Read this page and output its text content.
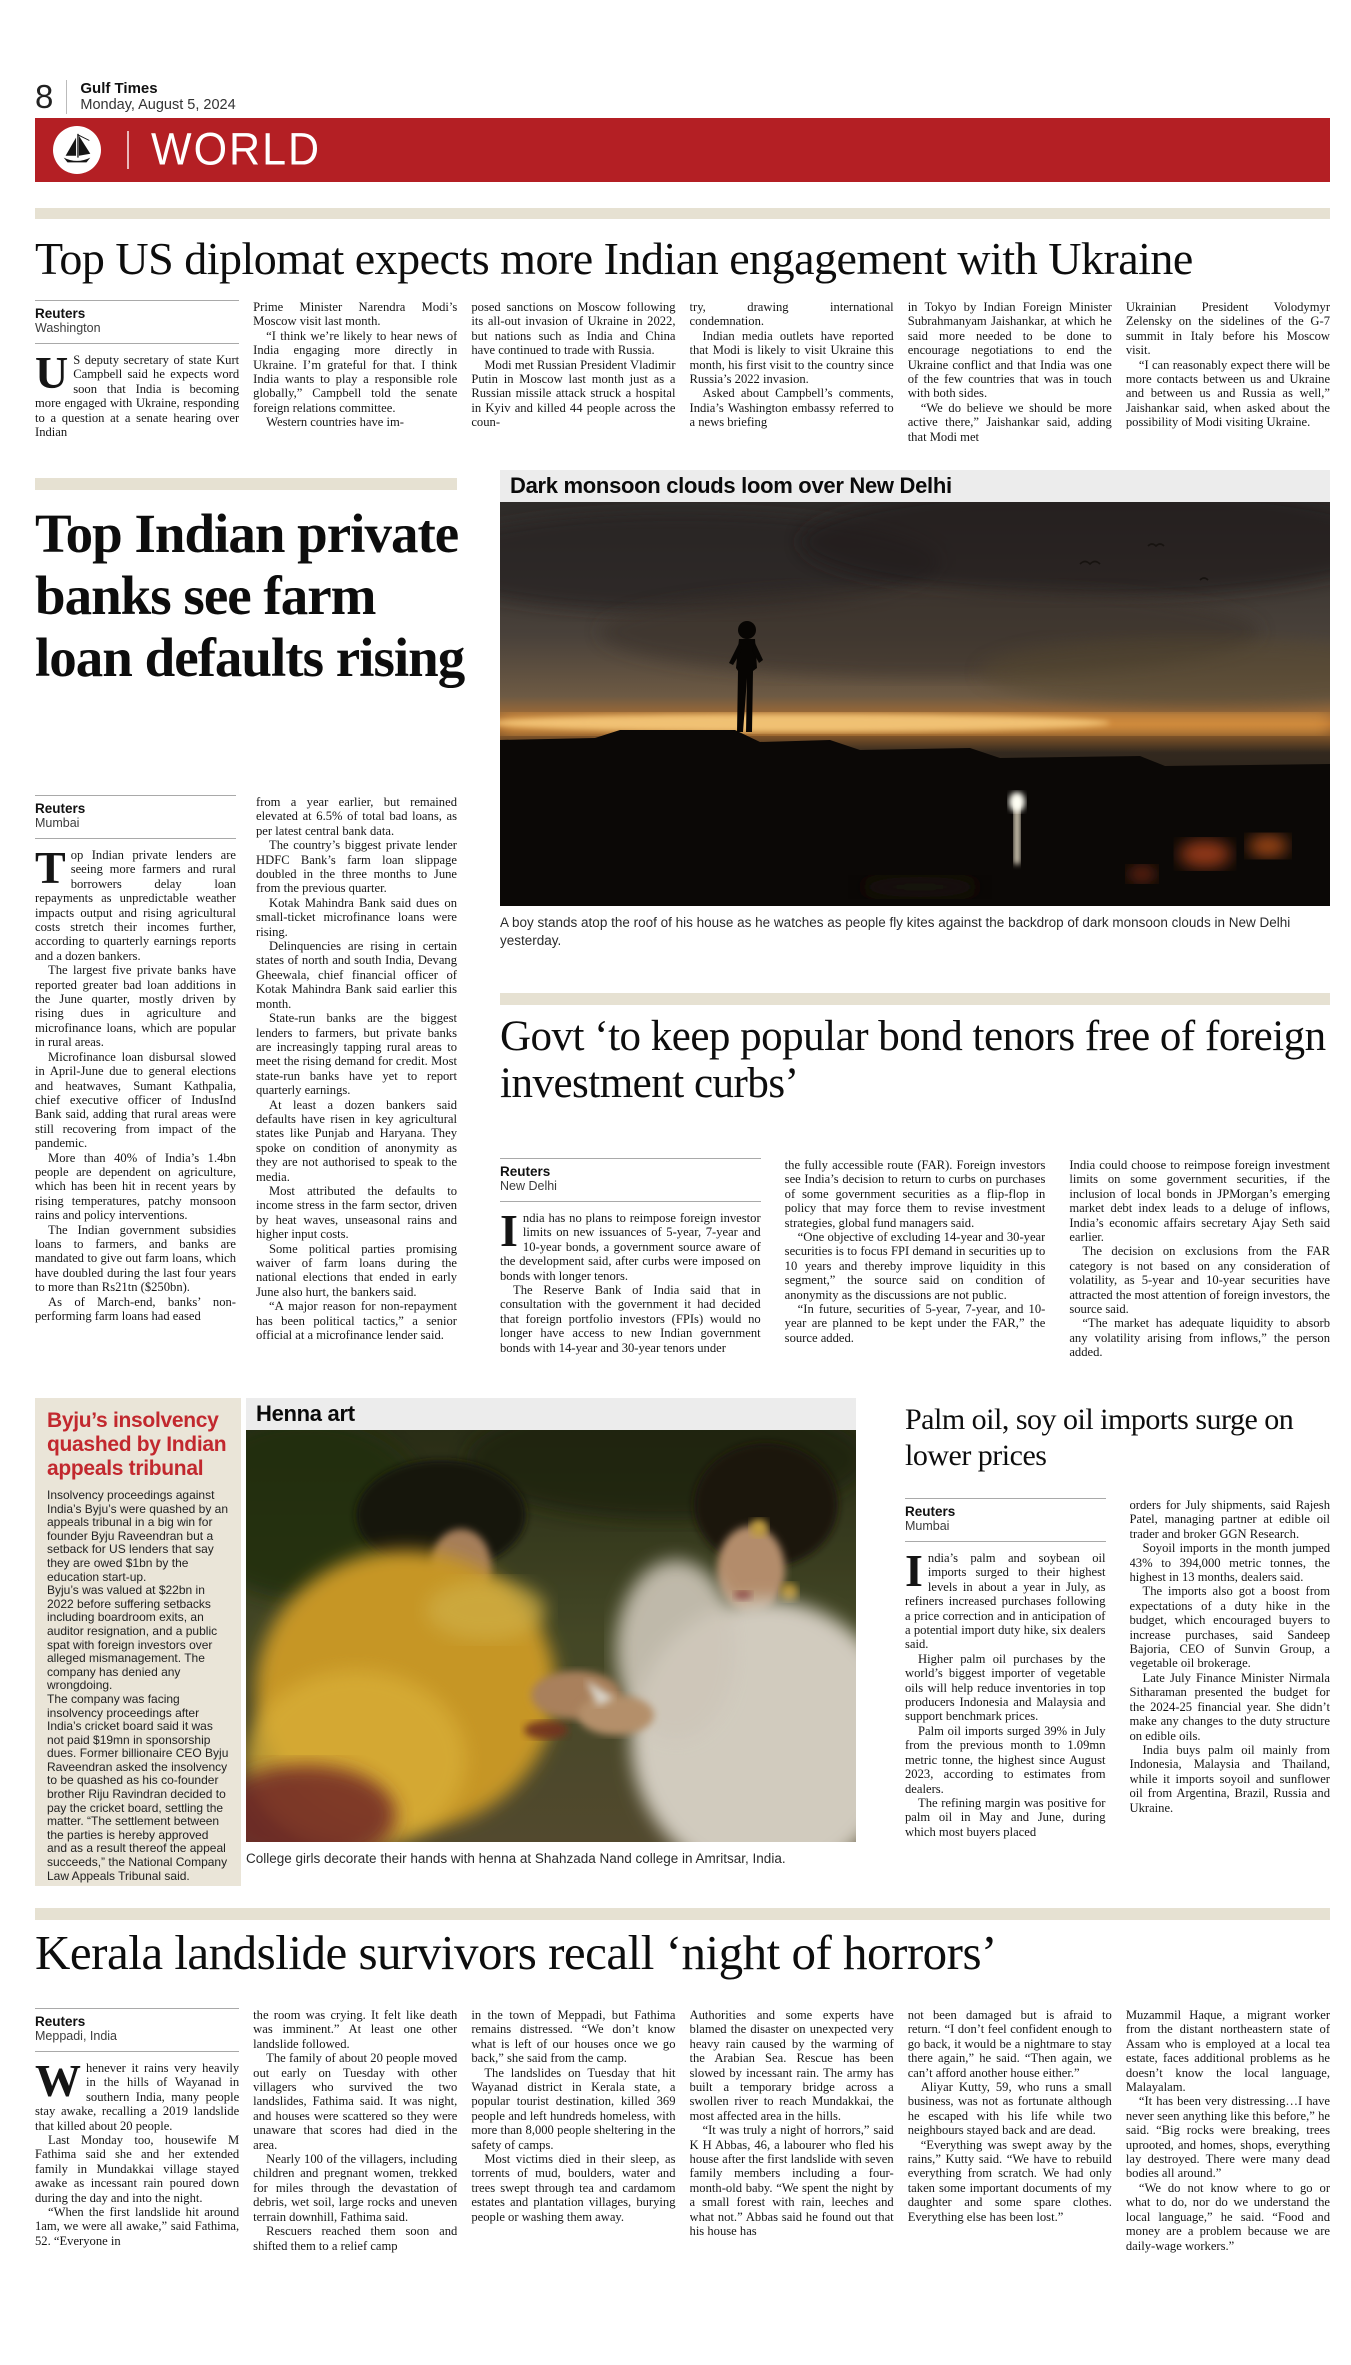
8 Gulf Times
Monday, August 5, 2024
WORLD
Top US diplomat expects more Indian engagement with Ukraine
Reuters
Washington

U S deputy secretary of state Kurt Campbell said he expects word soon that India is becoming more engaged with Ukraine, responding to a question at a senate hearing over Indian

Prime Minister Narendra Modi’s Moscow visit last month.

“I think we’re likely to hear news of India engaging more directly in Ukraine. I’m grateful for that. I think India wants to play a responsible role globally,” Campbell told the senate foreign relations committee.

Western countries have im-

posed sanctions on Moscow following its all-out invasion of Ukraine in 2022, but nations such as India and China have continued to trade with Russia.

Modi met Russian President Vladimir Putin in Moscow last month just as a Russian missile attack struck a hospital in Kyiv and killed 44 people across the coun-

try, drawing international condemnation.

Indian media outlets have reported that Modi is likely to visit Ukraine this month, his first visit to the country since Russia’s 2022 invasion.

Asked about Campbell’s comments, India’s Washington embassy referred to a news briefing

in Tokyo by Indian Foreign Minister Subrahmanyam Jaishankar, at which he said more needed to be done to encourage negotiations to end the Ukraine conflict and that India was one of the few countries that was in touch with both sides.

“We do believe we should be more active there,” Jaishankar said, adding that Modi met

Ukrainian President Volodymyr Zelensky on the sidelines of the G-7 summit in Italy before his Moscow visit.

“I can reasonably expect there will be more contacts between us and Ukraine and between us and Russia as well,” Jaishankar said, when asked about the possibility of Modi visiting Ukraine.

Top Indian private banks see farm loan defaults rising
Reuters
Mumbai

Top Indian private lenders are seeing more farmers and rural borrowers delay loan repayments as unpredictable weather impacts output and rising agricultural costs stretch their incomes further, according to quarterly earnings reports and a dozen bankers.

The largest five private banks have reported greater bad loan additions in the June quarter, mostly driven by rising dues in agriculture and microfinance loans, which are popular in rural areas.

Microfinance loan disbursal slowed in April-June due to general elections and heatwaves, Sumant Kathpalia, chief executive officer of IndusInd Bank said, adding that rural areas were still recovering from impact of the pandemic.

More than 40% of India’s 1.4bn people are dependent on agriculture, which has been hit in recent years by rising temperatures, patchy monsoon rains and policy interventions.

The Indian government subsidies loans to farmers, and banks are mandated to give out farm loans, which have doubled during the last four years to more than Rs21tn ($250bn).

As of March-end, banks’ non-performing farm loans had eased

from a year earlier, but remained elevated at 6.5% of total bad loans, as per latest central bank data.

The country’s biggest private lender HDFC Bank’s farm loan slippage doubled in the three months to June from the previous quarter.

Kotak Mahindra Bank said dues on small-ticket microfinance loans were rising.

Delinquencies are rising in certain states of north and south India, Devang Gheewala, chief financial officer of Kotak Mahindra Bank said earlier this month.

State-run banks are the biggest lenders to farmers, but private banks are increasingly tapping rural areas to meet the rising demand for credit. Most state-run banks have yet to report quarterly earnings.

At least a dozen bankers said defaults have risen in key agricultural states like Punjab and Haryana. They spoke on condition of anonymity as they are not authorised to speak to the media.

Most attributed the defaults to income stress in the farm sector, driven by heat waves, unseasonal rains and higher input costs.

Some political parties promising waiver of farm loans during the national elections that ended in early June also hurt, the bankers said.

“A major reason for non-repayment has been political tactics,” a senior official at a microfinance lender said.

Dark monsoon clouds loom over New Delhi
A boy stands atop the roof of his house as he watches as people fly kites against the backdrop of dark monsoon clouds in New Delhi yesterday.
Govt ‘to keep popular bond tenors free of foreign investment curbs’
Reuters
New Delhi

India has no plans to reimpose foreign investor limits on new issuances of 5-year, 7-year and 10-year bonds, a government source aware of the development said, after curbs were imposed on bonds with longer tenors.

The Reserve Bank of India said that in consultation with the government it had decided that foreign portfolio investors (FPIs) would no longer have access to new Indian government bonds with 14-year and 30-year tenors under

the fully accessible route (FAR). Foreign investors see India’s decision to return to curbs on purchases of some government securities as a flip-flop in policy that may force them to revise investment strategies, global fund managers said.

“One objective of excluding 14-year and 30-year securities is to focus FPI demand in securities up to 10 years and thereby improve liquidity in this segment,” the source said on condition of anonymity as the discussions are not public.

“In future, securities of 5-year, 7-year, and 10-year are planned to be kept under the FAR,” the source added.

India could choose to reimpose foreign investment limits on some government securities, if the inclusion of local bonds in JPMorgan’s emerging market debt index leads to a deluge of inflows, India’s economic affairs secretary Ajay Seth said earlier.

The decision on exclusions from the FAR category is not based on any consideration of volatility, as 5-year and 10-year securities have attracted the most attention of foreign investors, the source said.

“The market has adequate liquidity to absorb any volatility arising from inflows,” the person added.

Byju’s insolvency quashed by Indian appeals tribunal

Insolvency proceedings against India’s Byju’s were quashed by an appeals tribunal in a big win for founder Byju Raveendran but a setback for US lenders that say they are owed $1bn by the education start-up.

Byju’s was valued at $22bn in 2022 before suffering setbacks including boardroom exits, an auditor resignation, and a public spat with foreign investors over alleged mismanagement. The company has denied any wrongdoing.

The company was facing insolvency proceedings after India’s cricket board said it was not paid $19mn in sponsorship dues. Former billionaire CEO Byju Raveendran asked the insolvency to be quashed as his co-founder brother Riju Ravindran decided to pay the cricket board, settling the matter. “The settlement between the parties is hereby approved and as a result thereof the appeal succeeds,” the National Company Law Appeals Tribunal said.

Henna art
College girls decorate their hands with henna at Shahzada Nand college in Amritsar, India.
Palm oil, soy oil imports surge on lower prices
Reuters
Mumbai

India’s palm and soybean oil imports surged to their highest levels in about a year in July, as refiners increased purchases following a price correction and in anticipation of a potential import duty hike, six dealers said.

Higher palm oil purchases by the world’s biggest importer of vegetable oils will help reduce inventories in top producers Indonesia and Malaysia and support benchmark prices.

Palm oil imports surged 39% in July from the previous month to 1.09mn metric tonne, the highest since August 2023, according to estimates from dealers.

The refining margin was positive for palm oil in May and June, during which most buyers placed

orders for July shipments, said Rajesh Patel, managing partner at edible oil trader and broker GGN Research.

Soyoil imports in the month jumped 43% to 394,000 metric tonnes, the highest in 13 months, dealers said.

The imports also got a boost from expectations of a duty hike in the budget, which encouraged buyers to increase purchases, said Sandeep Bajoria, CEO of Sunvin Group, a vegetable oil brokerage.

Late July Finance Minister Nirmala Sitharaman presented the budget for the 2024-25 financial year. She didn’t make any changes to the duty structure on edible oils.

India buys palm oil mainly from Indonesia, Malaysia and Thailand, while it imports soyoil and sunflower oil from Argentina, Brazil, Russia and Ukraine.

Kerala landslide survivors recall ‘night of horrors’
Reuters
Meppadi, India

Whenever it rains very heavily in the hills of Wayanad in southern India, many people stay awake, recalling a 2019 landslide that killed about 20 people.

Last Monday too, housewife M Fathima said she and her extended family in Mundakkai village stayed awake as incessant rain poured down during the day and into the night.

“When the first landslide hit around 1am, we were all awake,” said Fathima, 52. “Everyone in

the room was crying. It felt like death was imminent.” At least one other landslide followed.

The family of about 20 people moved out early on Tuesday with other villagers who survived the two landslides, Fathima said. It was night, and houses were scattered so they were unaware that scores had died in the area.

Nearly 100 of the villagers, including children and pregnant women, trekked for miles through the devastation of debris, wet soil, large rocks and uneven terrain downhill, Fathima said.

Rescuers reached them soon and shifted them to a relief camp

in the town of Meppadi, but Fathima remains distressed. “We don’t know what is left of our houses once we go back,” she said from the camp.

The landslides on Tuesday that hit Wayanad district in Kerala state, a popular tourist destination, killed 369 people and left hundreds homeless, with more than 8,000 people sheltering in the safety of camps.

Most victims died in their sleep, as torrents of mud, boulders, water and trees swept through tea and cardamom estates and plantation villages, burying people or washing them away.

Authorities and some experts have blamed the disaster on unexpected very heavy rain caused by the warming of the Arabian Sea. Rescue has been slowed by incessant rain. The army has built a temporary bridge across a swollen river to reach Mundakkai, the most affected area in the hills.

“It was truly a night of horrors,” said K H Abbas, 46, a labourer who fled his house after the first landslide with seven family members including a four-month-old baby. “We spent the night by a small forest with rain, leeches and what not.” Abbas said he found out that his house has

not been damaged but is afraid to return. “I don’t feel confident enough to go back, it would be a nightmare to stay there again,” he said. “Then again, we can’t afford another house either.”

Aliyar Kutty, 59, who runs a small business, was not as fortunate although he escaped with his life while two neighbours stayed back and are dead.

“Everything was swept away by the rains,” Kutty said. “We have to rebuild everything from scratch. We had only taken some important documents of my daughter and some spare clothes. Everything else has been lost.”

Muzammil Haque, a migrant worker from the distant northeastern state of Assam who is employed at a local tea estate, faces additional problems as he doesn’t know the local language, Malayalam.

“It has been very distressing…I have never seen anything like this before,” he said. “Big rocks were breaking, trees uprooted, and homes, shops, everything lay destroyed. There were many dead bodies all around.”

“We do not know where to go or what to do, nor do we understand the local language,” he said. “Food and money are a problem because we are daily-wage workers.”
